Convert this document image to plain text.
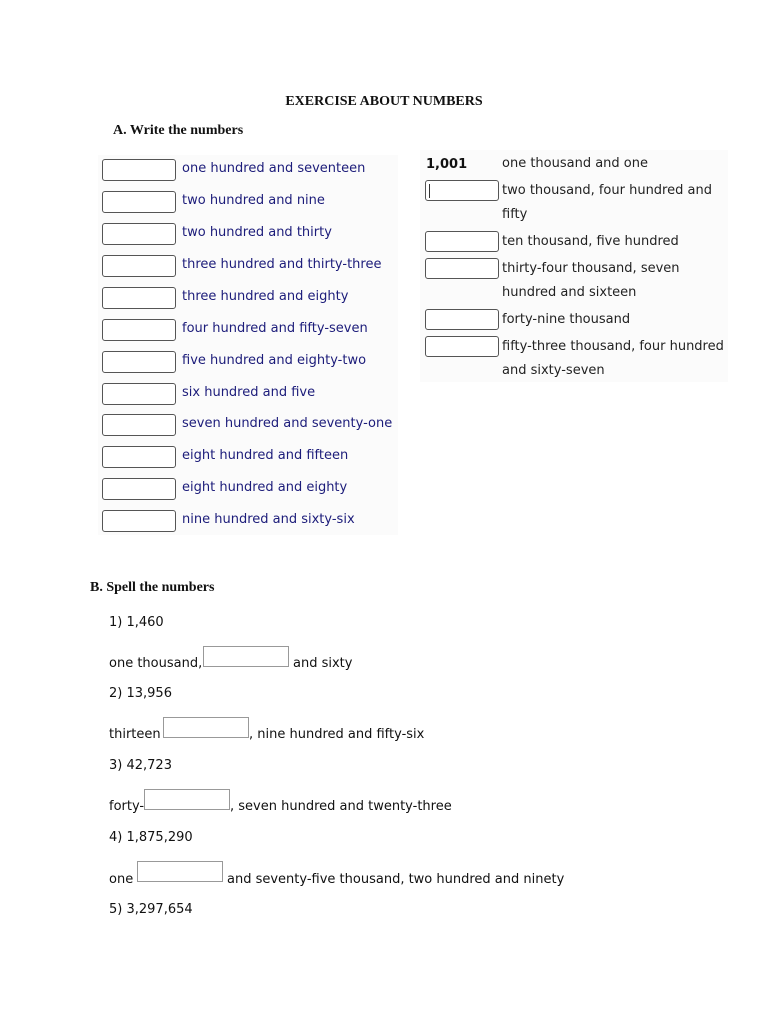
EXERCISE ABOUT NUMBERS
A. Write the numbers
one hundred and seventeen
two hundred and nine
two hundred and thirty
three hundred and thirty-three
three hundred and eighty
four hundred and fifty-seven
five hundred and eighty-two
six hundred and five
seven hundred and seventy-one
eight hundred and fifteen
eight hundred and eighty
nine hundred and sixty-six
1,001	one thousand and one
two thousand, four hundred and
fifty
ten thousand, five hundred
thirty-four thousand, seven
hundred and sixteen
forty-nine thousand
fifty-three thousand, four hundred
and sixty-seven
B. Spell the numbers
1) 1,460
one thousand,	and sixty
2) 13,956
thirteen	, nine hundred and fifty-six
3) 42,723
forty-	, seven hundred and twenty-three
4) 1,875,290
one	and seventy-five thousand, two hundred and ninety
5) 3,297,654
